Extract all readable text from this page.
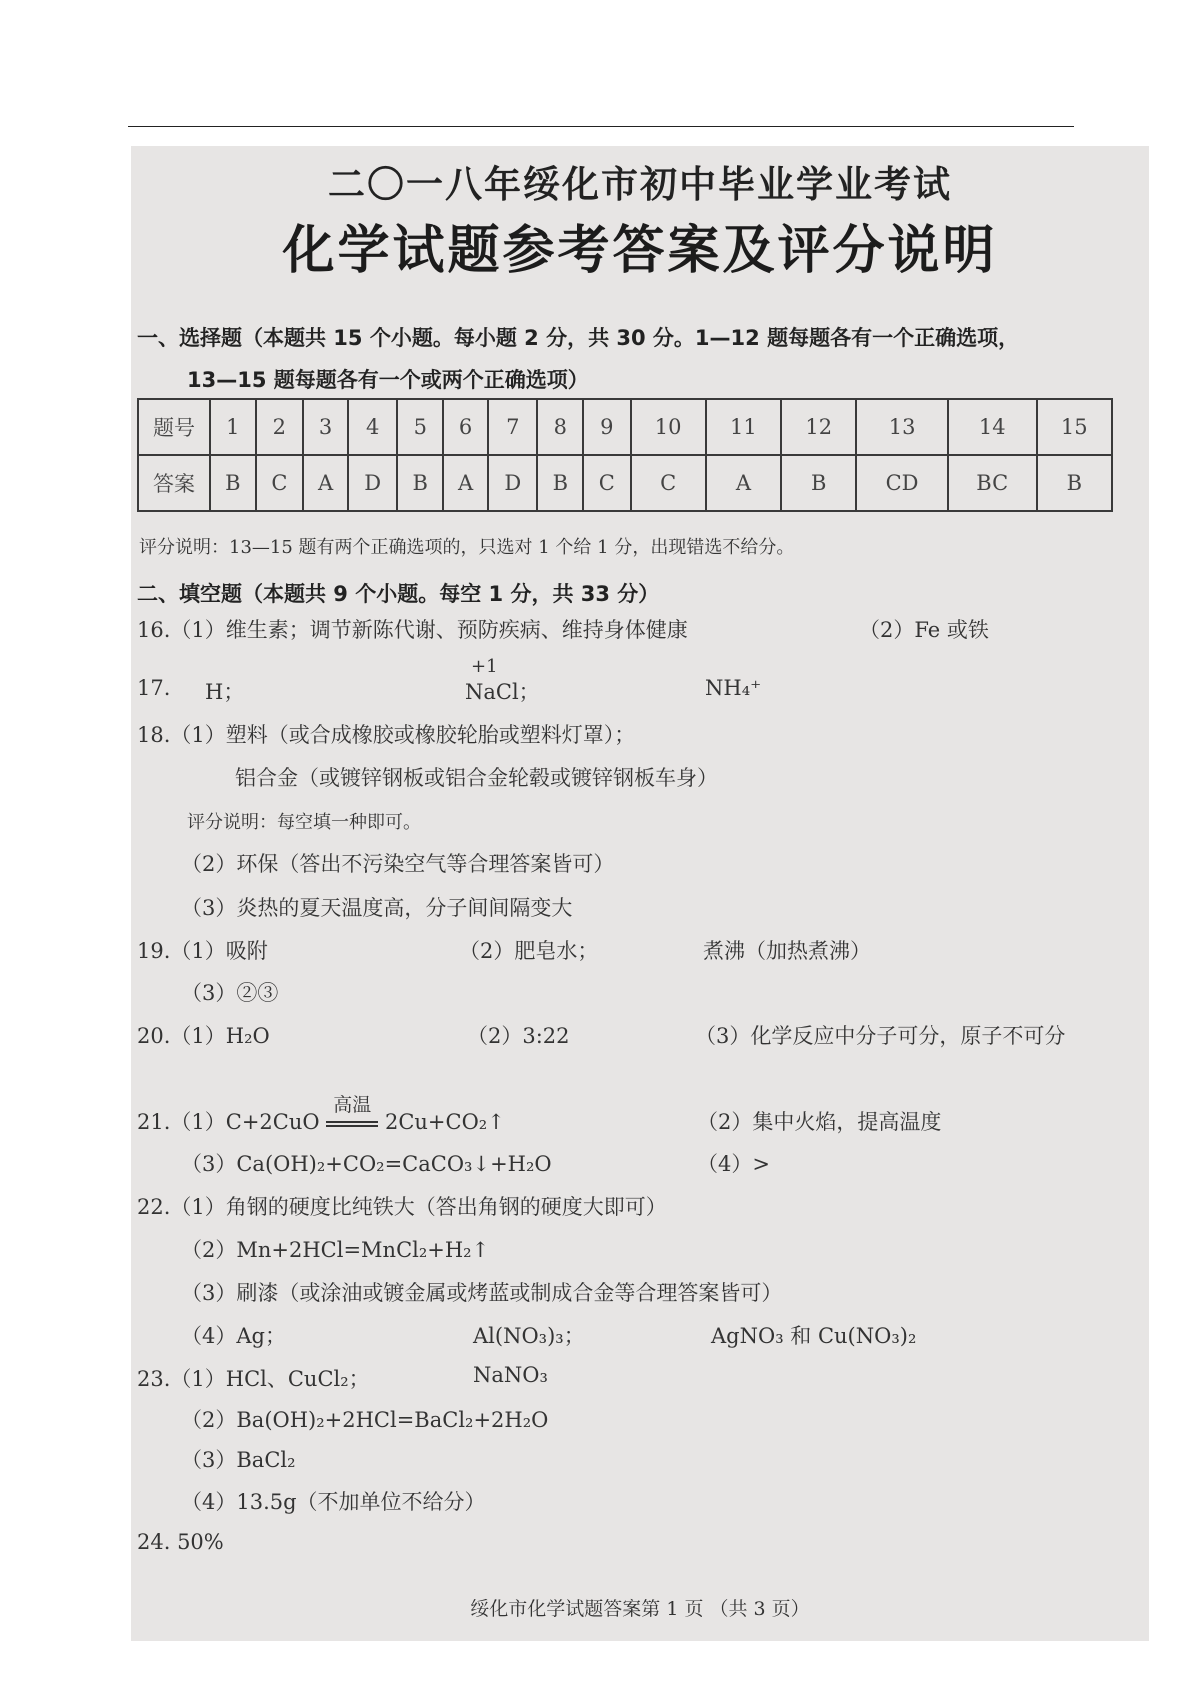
二〇一八年绥化市初中毕业学业考试
化学试题参考答案及评分说明
一、选择题（本题共 15 个小题。每小题 2 分，共 30 分。1—12 题每题各有一个正确选项，
13—15 题每题各有一个或两个正确选项）
题号	1	2	3	4	5	6	7	8	9	10	11	12	13	14	15
答案	B	C	A	D	B	A	D	B	C	C	A	B	CD	BC	B
评分说明：13—15 题有两个正确选项的，只选对 1 个给 1 分，出现错选不给分。
二、填空题（本题共 9 个小题。每空 1 分，共 33 分）
16.（1）维生素；调节新陈代谢、预防疾病、维持身体健康	（2）Fe 或铁
+1
17. H；	NaCl；	NH₄⁺
18.（1）塑料（或合成橡胶或橡胶轮胎或塑料灯罩）；
铝合金（或镀锌钢板或铝合金轮毂或镀锌钢板车身）
评分说明：每空填一种即可。
（2）环保（答出不污染空气等合理答案皆可）
（3）炎热的夏天温度高，分子间间隔变大
19.（1）吸附	（2）肥皂水；	煮沸（加热煮沸）
（3）②③
20.（1）H₂O	（2）3:22	（3）化学反应中分子可分，原子不可分
21.（1）C+2CuO
高温
2Cu+CO₂↑	（2）集中火焰，提高温度
（3）Ca(OH)₂+CO₂=CaCO₃↓+H₂O	（4）>
22.（1）角钢的硬度比纯铁大（答出角钢的硬度大即可）
（2）Mn+2HCl=MnCl₂+H₂↑
（3）刷漆（或涂油或镀金属或烤蓝或制成合金等合理答案皆可）
（4）Ag；	Al(NO₃)₃；	AgNO₃ 和 Cu(NO₃)₂
23.（1）HCl、CuCl₂；	NaNO₃
（2）Ba(OH)₂+2HCl=BaCl₂+2H₂O
（3）BaCl₂
（4）13.5g（不加单位不给分）
24. 50%
绥化市化学试题答案第 1 页 （共 3 页）
